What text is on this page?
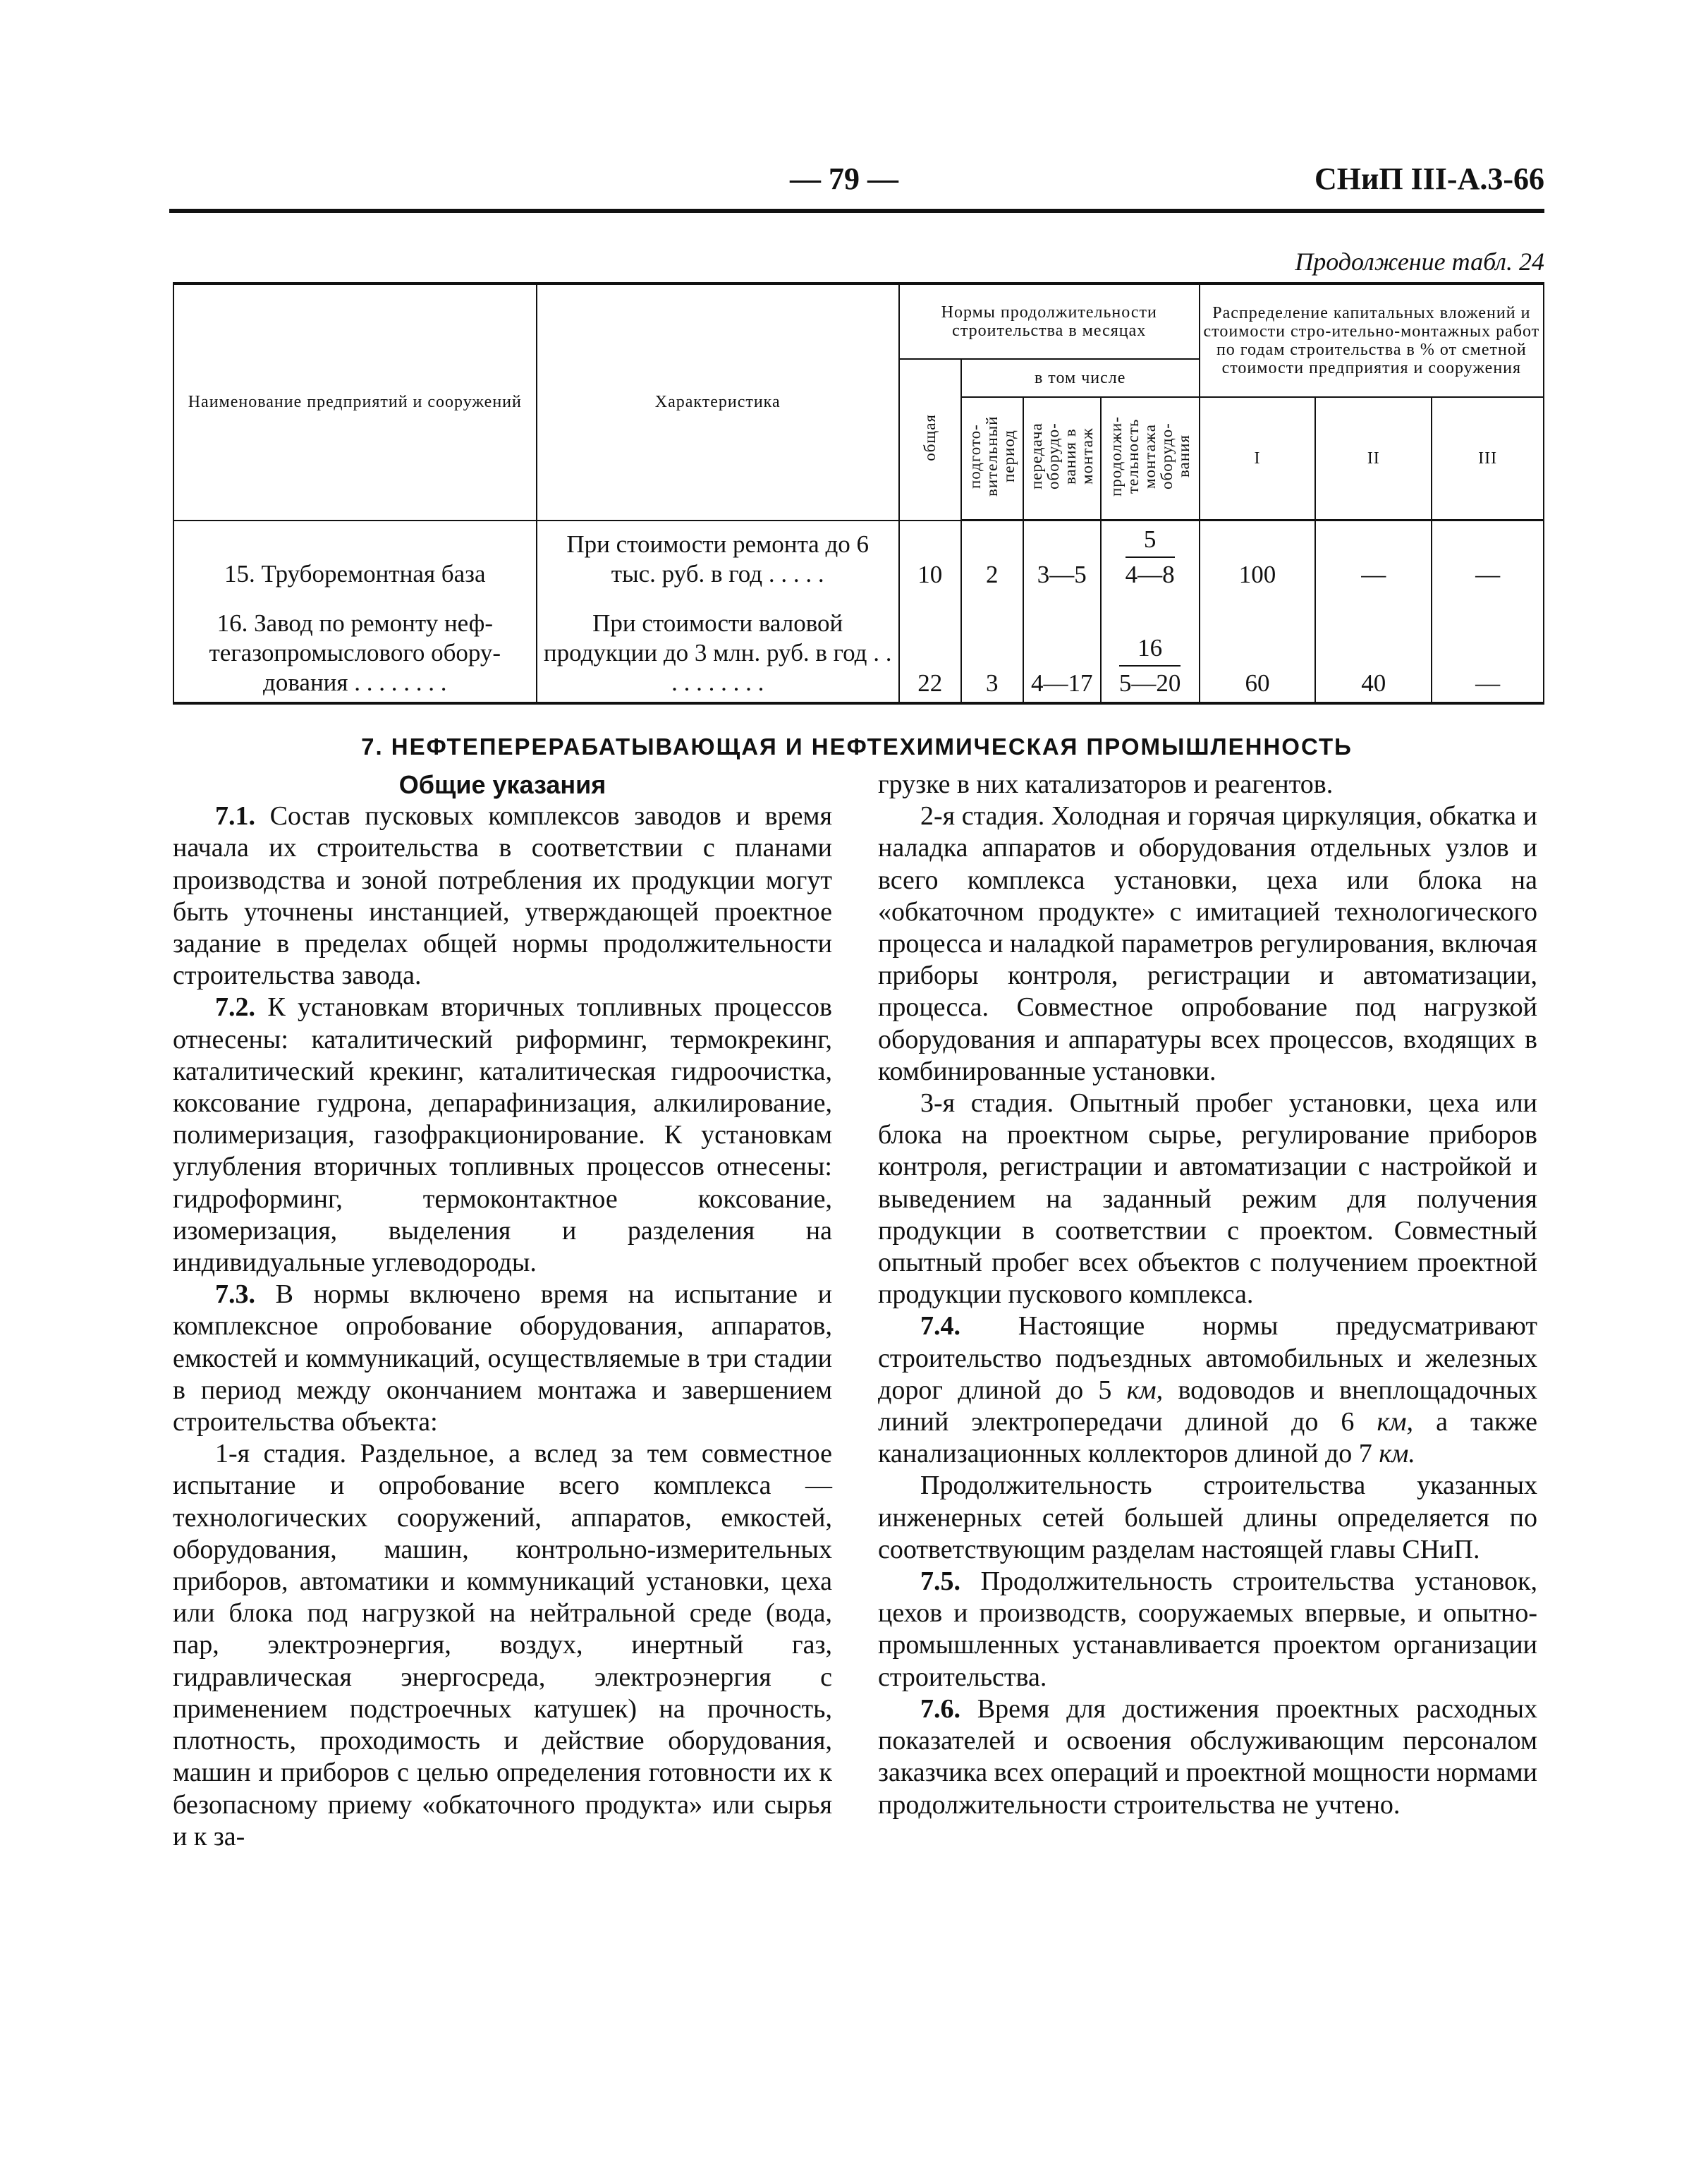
— 79 —	СНиП III-А.3-66
Продолжение табл. 24
Наименование предприятий и сооружений	Характеристика	Нормы продолжительности строительства в месяцах				Распределение капитальных вложений и стоимости стро-ительно-монтажных работ по годам строительства в % от сметной стоимости предприятия и сооружения		
		общая	в том числе					
			подгото-вительный период	передача оборудо-вания в монтаж	продолжи-тельность монтажа оборудо-вания	I	II	III
15. Труборемонтная база	При стоимости ремонта до 6 тыс. руб. в год . . . . .	10	2	3—5	$\frac{5}{4—8}$	100	—	—
16. Завод по ремонту неф-тегазопромыслового обору-дования . . . . . . . .	При стоимости валовой продукции до 3 млн. руб. в год . . . . . . . . . .	22	3	4—17	$\frac{16}{5—20}$	60	40	—
7. НЕФТЕПЕРЕРАБАТЫВАЮЩАЯ И НЕФТЕХИМИЧЕСКАЯ ПРОМЫШЛЕННОСТЬ

Общие указания

7.1. Состав пусковых комплексов заводов и время начала их строительства в соответствии с планами производства и зоной потребления их продукции могут быть уточнены инстанцией, утверждающей проектное задание в пределах общей нормы продолжительности строительства завода.

7.2. К установкам вторичных топливных процессов отнесены: каталитический риформинг, термокрекинг, каталитический крекинг, каталитическая гидроочистка, коксование гудрона, депарафинизация, алкилирование, полимеризация, газофракционирование. К установкам углубления вторичных топливных процессов отнесены: гидроформинг, термоконтактное коксование, изомеризация, выделения и разделения на индивидуальные углеводороды.

7.3. В нормы включено время на испытание и комплексное опробование оборудования, аппаратов, емкостей и коммуникаций, осуществляемые в три стадии в период между окончанием монтажа и завершением строительства объекта:

1-я стадия. Раздельное, а вслед за тем совместное испытание и опробование всего комплекса — технологических сооружений, аппаратов, емкостей, оборудования, машин, контрольно-измерительных приборов, автоматики и коммуникаций установки, цеха или блока под нагрузкой на нейтральной среде (вода, пар, электроэнергия, воздух, инертный газ, гидравлическая энергосреда, электроэнергия с применением подстроечных катушек) на прочность, плотность, проходимость и действие оборудования, машин и приборов с целью определения готовности их к безопасному приему «обкаточного продукта» или сырья и к за-

грузке в них катализаторов и реагентов.

2-я стадия. Холодная и горячая циркуляция, обкатка и наладка аппаратов и оборудования отдельных узлов и всего комплекса установки, цеха или блока на «обкаточном продукте» с имитацией технологического процесса и наладкой параметров регулирования, включая приборы контроля, регистрации и автоматизации, процесса. Совместное опробование под нагрузкой оборудования и аппаратуры всех процессов, входящих в комбинированные установки.

3-я стадия. Опытный пробег установки, цеха или блока на проектном сырье, регулирование приборов контроля, регистрации и автоматизации с настройкой и выведением на заданный режим для получения продукции в соответствии с проектом. Совместный опытный пробег всех объектов с получением проектной продукции пускового комплекса.

7.4. Настоящие нормы предусматривают строительство подъездных автомобильных и железных дорог длиной до 5 км, водоводов и внеплощадочных линий электропередачи длиной до 6 км, а также канализационных коллекторов длиной до 7 км.

Продолжительность строительства указанных инженерных сетей большей длины определяется по соответствующим разделам настоящей главы СНиП.

7.5. Продолжительность строительства установок, цехов и производств, сооружаемых впервые, и опытно-промышленных устанавливается проектом организации строительства.

7.6. Время для достижения проектных расходных показателей и освоения обслуживающим персоналом заказчика всех операций и проектной мощности нормами продолжительности строительства не учтено.
